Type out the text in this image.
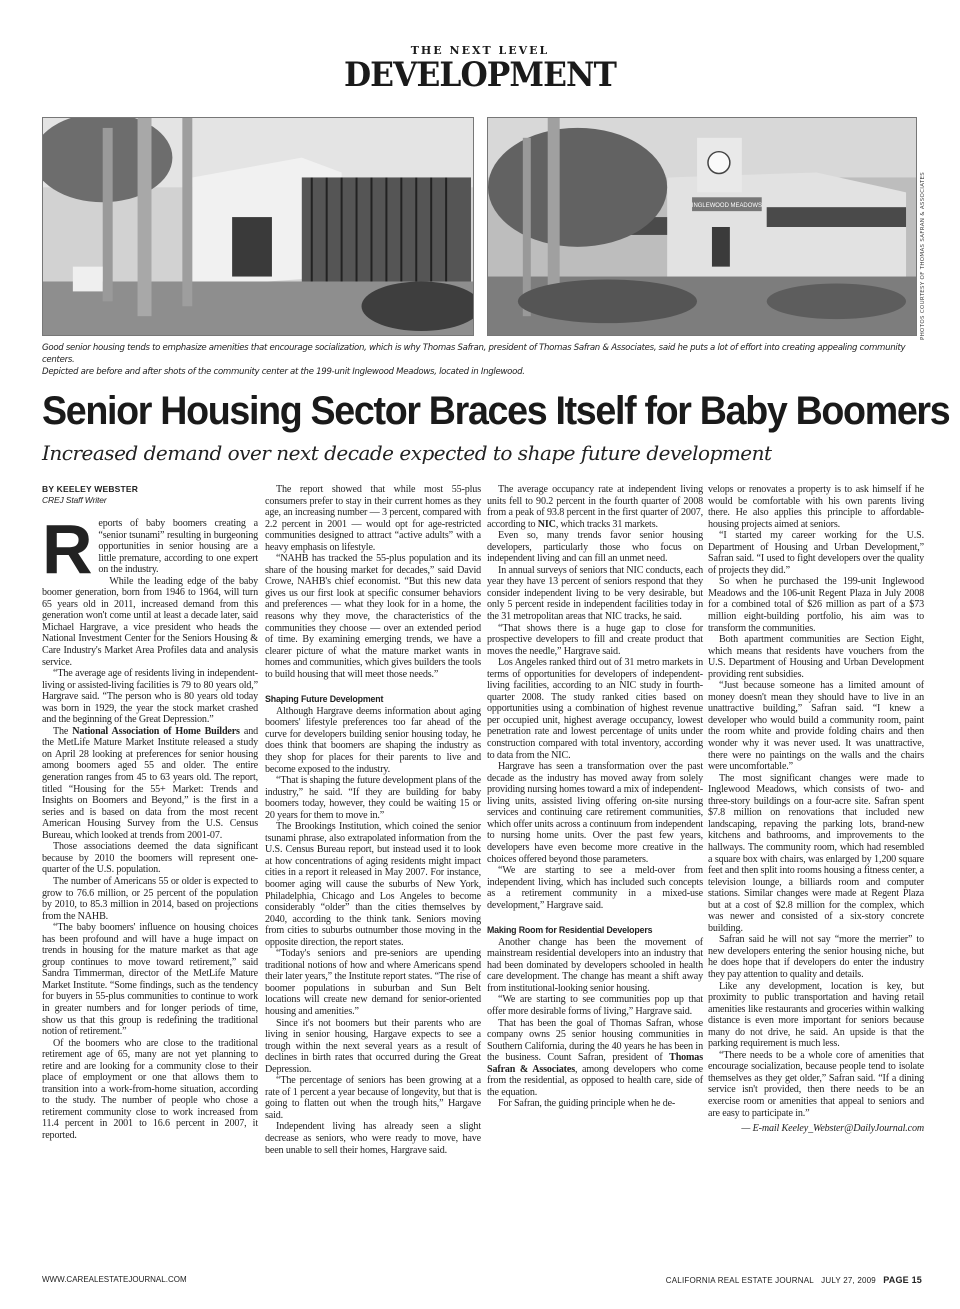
THE NEXT LEVEL
DEVELOPMENT
INGLEWOOD MEADOWS	PHOTOS COURTESY OF THOMAS SAFRAN & ASSOCIATES
Good senior housing tends to emphasize amenities that encourage socialization, which is why Thomas Safran, president of Thomas Safran & Associates, said he puts a lot of effort into creating appealing community centers.
Depicted are before and after shots of the community center at the 199-unit Inglewood Meadows, located in Inglewood.
Senior Housing Sector Braces Itself for Baby Boomers
Increased demand over next decade expected to shape future development
BY KEELEY WEBSTER
CREJ Staff Writer

Reports of baby boomers creating a “senior tsunami” resulting in burgeoning opportunities in senior housing are a little premature, according to one expert on the industry.

While the leading edge of the baby boomer generation, born from 1946 to 1964, will turn 65 years old in 2011, increased demand from this generation won't come until at least a decade later, said Michael Hargrave, a vice president who heads the National Investment Center for the Seniors Housing & Care Industry's Market Area Profiles data and analysis service.

“The average age of residents living in independent-living or assisted-living facilities is 79 to 80 years old,” Hargrave said. “The person who is 80 years old today was born in 1929, the year the stock market crashed and the beginning of the Great Depression.”

The National Association of Home Builders and the MetLife Mature Market Institute released a study on April 28 looking at preferences for senior housing among boomers aged 55 and older. The entire generation ranges from 45 to 63 years old. The report, titled “Housing for the 55+ Market: Trends and Insights on Boomers and Beyond,” is the first in a series and is based on data from the most recent American Housing Survey from the U.S. Census Bureau, which looked at trends from 2001-07.

Those associations deemed the data significant because by 2010 the boomers will represent one-quarter of the U.S. population.

The number of Americans 55 or older is expected to grow to 76.6 million, or 25 percent of the population by 2010, to 85.3 million in 2014, based on projections from the NAHB.

“The baby boomers' influence on housing choices has been profound and will have a huge impact on trends in housing for the mature market as that age group continues to move toward retirement,” said Sandra Timmerman, director of the MetLife Mature Market Institute. “Some findings, such as the tendency for buyers in 55-plus communities to continue to work in greater numbers and for longer periods of time, show us that this group is redefining the traditional notion of retirement.”

Of the boomers who are close to the traditional retirement age of 65, many are not yet planning to retire and are looking for a community close to their place of employment or one that allows them to transition into a work-from-home situation, according to the study. The number of people who chose a retirement community close to work increased from 11.4 percent in 2001 to 16.6 percent in 2007, it reported.

The report showed that while most 55-plus consumers prefer to stay in their current homes as they age, an increasing number — 3 percent, compared with 2.2 percent in 2001 — would opt for age-restricted communities designed to attract “active adults” with a heavy emphasis on lifestyle.

“NAHB has tracked the 55-plus population and its share of the housing market for decades,” said David Crowe, NAHB's chief economist. “But this new data gives us our first look at specific consumer behaviors and preferences — what they look for in a home, the reasons why they move, the characteristics of the communities they choose — over an extended period of time. By examining emerging trends, we have a clearer picture of what the mature market wants in homes and communities, which gives builders the tools to build housing that will meet those needs.”

Shaping Future Development

Although Hargrave deems information about aging boomers' lifestyle preferences too far ahead of the curve for developers building senior housing today, he does think that boomers are shaping the industry as they shop for places for their parents to live and become exposed to the industry.

“That is shaping the future development plans of the industry,” he said. “If they are building for baby boomers today, however, they could be waiting 15 or 20 years for them to move in.”

The Brookings Institution, which coined the senior tsunami phrase, also extrapolated information from the U.S. Census Bureau report, but instead used it to look at how concentrations of aging residents might impact cities in a report it released in May 2007. For instance, boomer aging will cause the suburbs of New York, Philadelphia, Chicago and Los Angeles to become considerably “older” than the cities themselves by 2040, according to the think tank. Seniors moving from cities to suburbs outnumber those moving in the opposite direction, the report states.

“Today's seniors and pre-seniors are upending traditional notions of how and where Americans spend their later years,” the Institute report states. “The rise of boomer populations in suburban and Sun Belt locations will create new demand for senior-oriented housing and amenities.”

Since it's not boomers but their parents who are living in senior housing, Hargave expects to see a trough within the next several years as a result of declines in birth rates that occurred during the Great Depression.

“The percentage of seniors has been growing at a rate of 1 percent a year because of longevity, but that is going to flatten out when the trough hits,” Hargave said.

Independent living has already seen a slight decrease as seniors, who were ready to move, have been unable to sell their homes, Hargrave said.

The average occupancy rate at independent living units fell to 90.2 percent in the fourth quarter of 2008 from a peak of 93.8 percent in the first quarter of 2007, according to NIC, which tracks 31 markets.

Even so, many trends favor senior housing developers, particularly those who focus on independent living and can fill an unmet need.

In annual surveys of seniors that NIC conducts, each year they have 13 percent of seniors respond that they consider independent living to be very desirable, but only 5 percent reside in independent facilities today in the 31 metropolitan areas that NIC tracks, he said.

“That shows there is a huge gap to close for prospective developers to fill and create product that moves the needle,” Hargrave said.

Los Angeles ranked third out of 31 metro markets in terms of opportunities for developers of independent-living facilities, according to an NIC study in fourth-quarter 2008. The study ranked cities based on opportunities using a combination of highest revenue per occupied unit, highest average occupancy, lowest penetration rate and lowest percentage of units under construction compared with total inventory, according to data from the NIC.

Hargrave has seen a transformation over the past decade as the industry has moved away from solely providing nursing homes toward a mix of independent-living units, assisted living offering on-site nursing services and continuing care retirement communities, which offer units across a continuum from independent to nursing home units. Over the past few years, developers have even become more creative in the choices offered beyond those parameters.

“We are starting to see a meld-over from independent living, which has included such concepts as a retirement community in a mixed-use development,” Hargrave said.

Making Room for Residential Developers

Another change has been the movement of mainstream residential developers into an industry that had been dominated by developers schooled in health care development. The change has meant a shift away from institutional-looking senior housing.

“We are starting to see communities pop up that offer more desirable forms of living,” Hargrave said.

That has been the goal of Thomas Safran, whose company owns 25 senior housing communities in Southern California, during the 40 years he has been in the business. Count Safran, president of Thomas Safran & Associates, among developers who come from the residential, as opposed to health care, side of the equation.

For Safran, the guiding principle when he de-

velops or renovates a property is to ask himself if he would be comfortable with his own parents living there. He also applies this principle to affordable-housing projects aimed at seniors.

“I started my career working for the U.S. Department of Housing and Urban Development,” Safran said. “I used to fight developers over the quality of projects they did.”

So when he purchased the 199-unit Inglewood Meadows and the 106-unit Regent Plaza in July 2008 for a combined total of $26 million as part of a $73 million eight-building portfolio, his aim was to transform the communities.

Both apartment communities are Section Eight, which means that residents have vouchers from the U.S. Department of Housing and Urban Development providing rent subsidies.

“Just because someone has a limited amount of money doesn't mean they should have to live in an unattractive building,” Safran said. “I knew a developer who would build a community room, paint the room white and provide folding chairs and then wonder why it was never used. It was unattractive, there were no paintings on the walls and the chairs were uncomfortable.”

The most significant changes were made to Inglewood Meadows, which consists of two- and three-story buildings on a four-acre site. Safran spent $7.8 million on renovations that included new landscaping, repaving the parking lots, brand-new kitchens and bathrooms, and improvements to the hallways. The community room, which had resembled a square box with chairs, was enlarged by 1,200 square feet and then split into rooms housing a fitness center, a television lounge, a billiards room and computer stations. Similar changes were made at Regent Plaza but at a cost of $2.8 million for the complex, which was newer and consisted of a six-story concrete building.

Safran said he will not say “more the merrier” to new developers entering the senior housing niche, but he does hope that if developers do enter the industry they pay attention to quality and details.

Like any development, location is key, but proximity to public transportation and having retail amenities like restaurants and groceries within walking distance is even more important for seniors because many do not drive, he said. An upside is that the parking requirement is much less.

“There needs to be a whole core of amenities that encourage socialization, because people tend to isolate themselves as they get older,” Safran said. “If a dining service isn't provided, then there needs to be an exercise room or amenities that appeal to seniors and are easy to participate in.”

— E-mail Keeley_Webster@DailyJournal.com
WWW.CAREALESTATEJOURNAL.COM	CALIFORNIA REAL ESTATE JOURNAL JULY 27, 2009 PAGE 15
